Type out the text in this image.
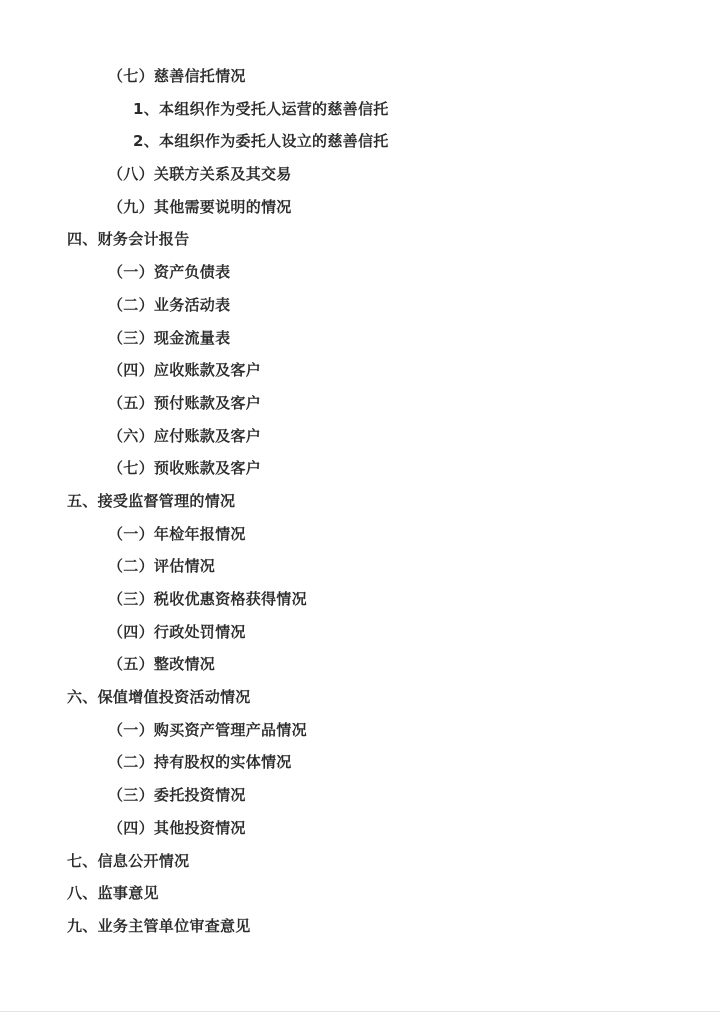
（七）慈善信托情况
1、本组织作为受托人运营的慈善信托
2、本组织作为委托人设立的慈善信托
（八）关联方关系及其交易
（九）其他需要说明的情况
四、财务会计报告
（一）资产负债表
（二）业务活动表
（三）现金流量表
（四）应收账款及客户
（五）预付账款及客户
（六）应付账款及客户
（七）预收账款及客户
五、接受监督管理的情况
（一）年检年报情况
（二）评估情况
（三）税收优惠资格获得情况
（四）行政处罚情况
（五）整改情况
六、保值增值投资活动情况
（一）购买资产管理产品情况
（二）持有股权的实体情况
（三）委托投资情况
（四）其他投资情况
七、信息公开情况
八、监事意见
九、业务主管单位审查意见
